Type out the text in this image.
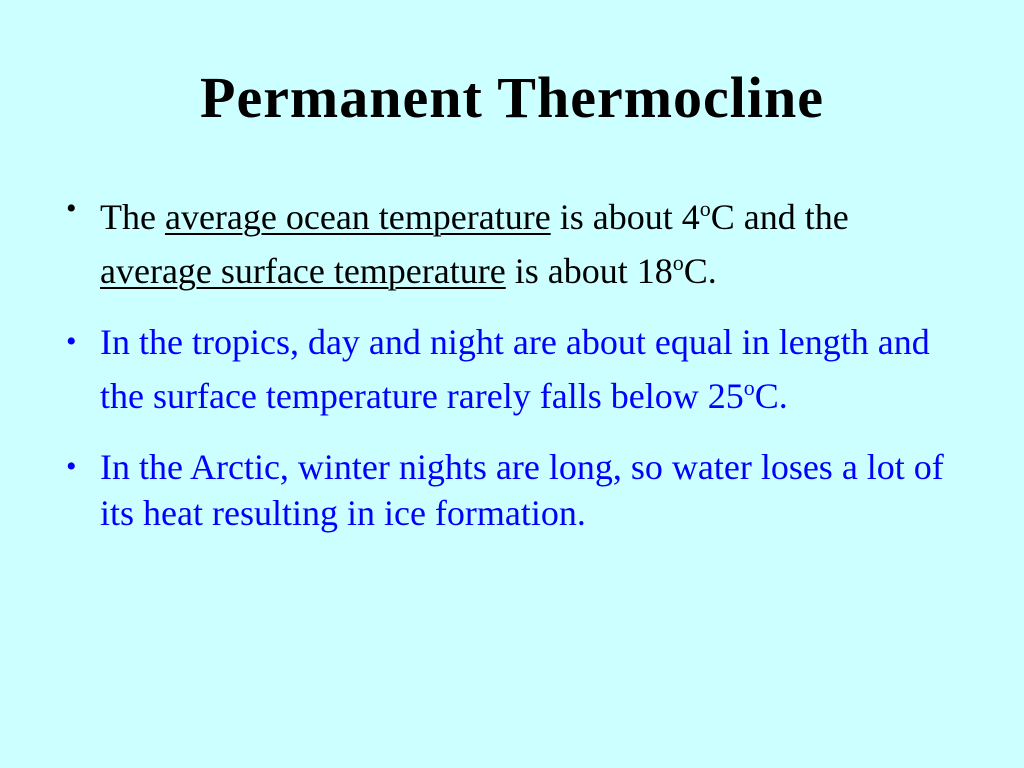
Permanent Thermocline
• The average ocean temperature is about 4$^o$C and the average surface temperature is about 18$^o$C.
• In the tropics, day and night are about equal in length and the surface temperature rarely falls below 25$^o$C.
• In the Arctic, winter nights are long, so water loses a lot of its heat resulting in ice formation.
